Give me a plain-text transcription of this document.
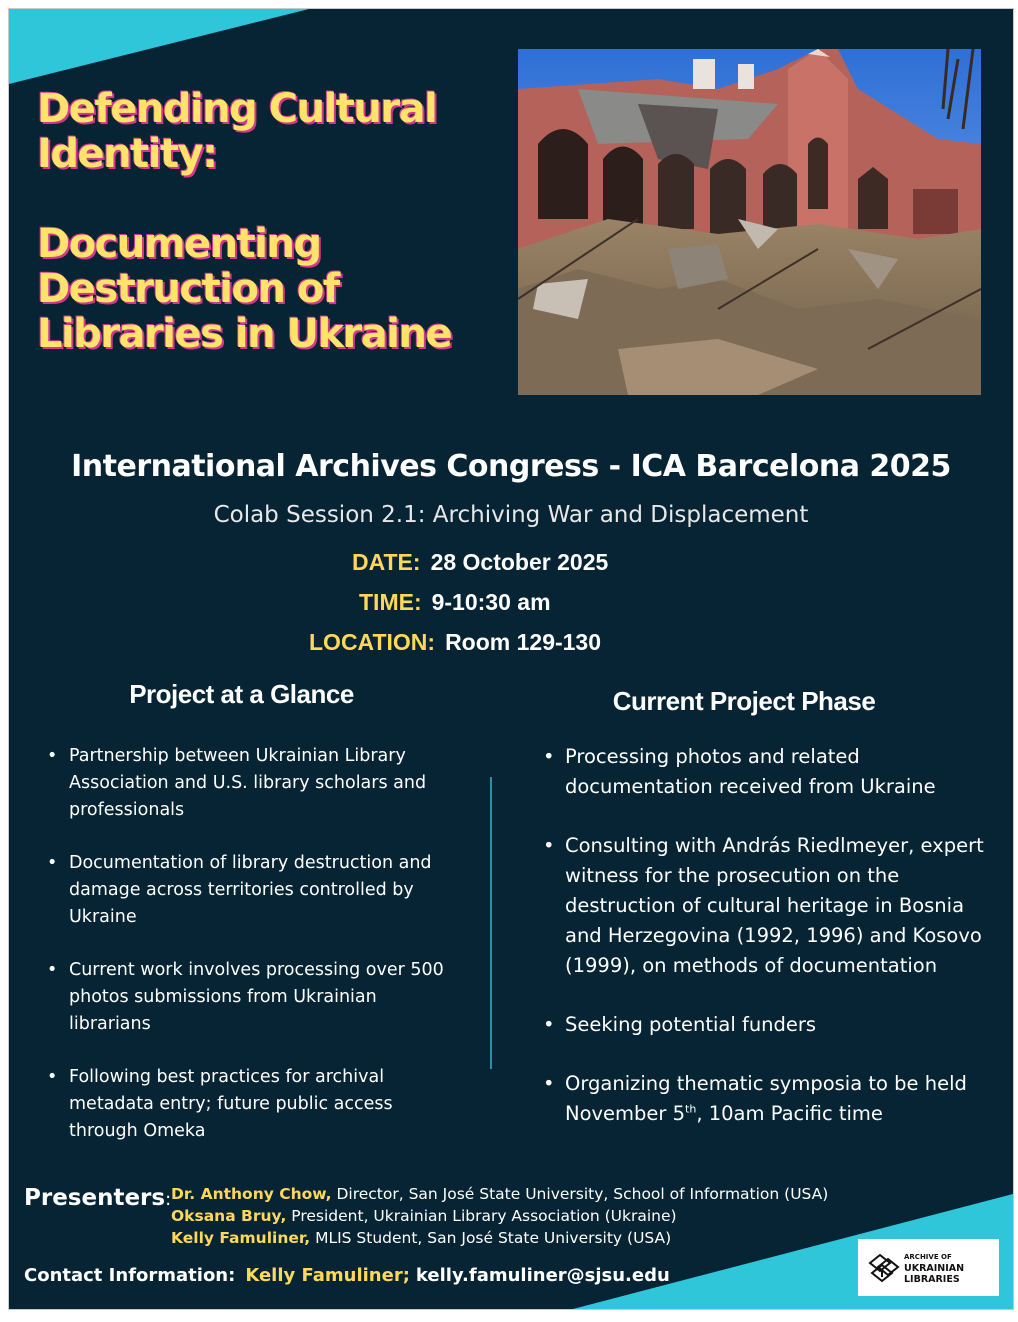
Defending Cultural Identity:
Documenting Destruction of Libraries in Ukraine
International Archives Congress - ICA Barcelona 2025
Colab Session 2.1: Archiving War and Displacement
DATE: 28 October 2025
TIME: 9-10:30 am
LOCATION: Room 129-130
Project at a Glance	Current Project Phase
• Partnership between Ukrainian Library Association and U.S. library scholars and professionals
• Documentation of library destruction and damage across territories controlled by Ukraine
• Current work involves processing over 500 photos submissions from Ukrainian librarians
• Following best practices for archival metadata entry; future public access through Omeka
• Processing photos and related documentation received from Ukraine
• Consulting with András Riedlmeyer, expert witness for the prosecution on the destruction of cultural heritage in Bosnia and Herzegovina (1992, 1996) and Kosovo (1999), on methods of documentation
• Seeking potential funders
• Organizing thematic symposia to be held November 5th, 10am Pacific time
Presenters: Dr. Anthony Chow, Director, San José State University, School of Information (USA)
Oksana Bruy, President, Ukrainian Library Association (Ukraine)
Kelly Famuliner, MLIS Student, San José State University (USA)
Contact Information: Kelly Famuliner; kelly.famuliner@sjsu.edu
ARCHIVE OF
UKRAINIAN
LIBRARIES
